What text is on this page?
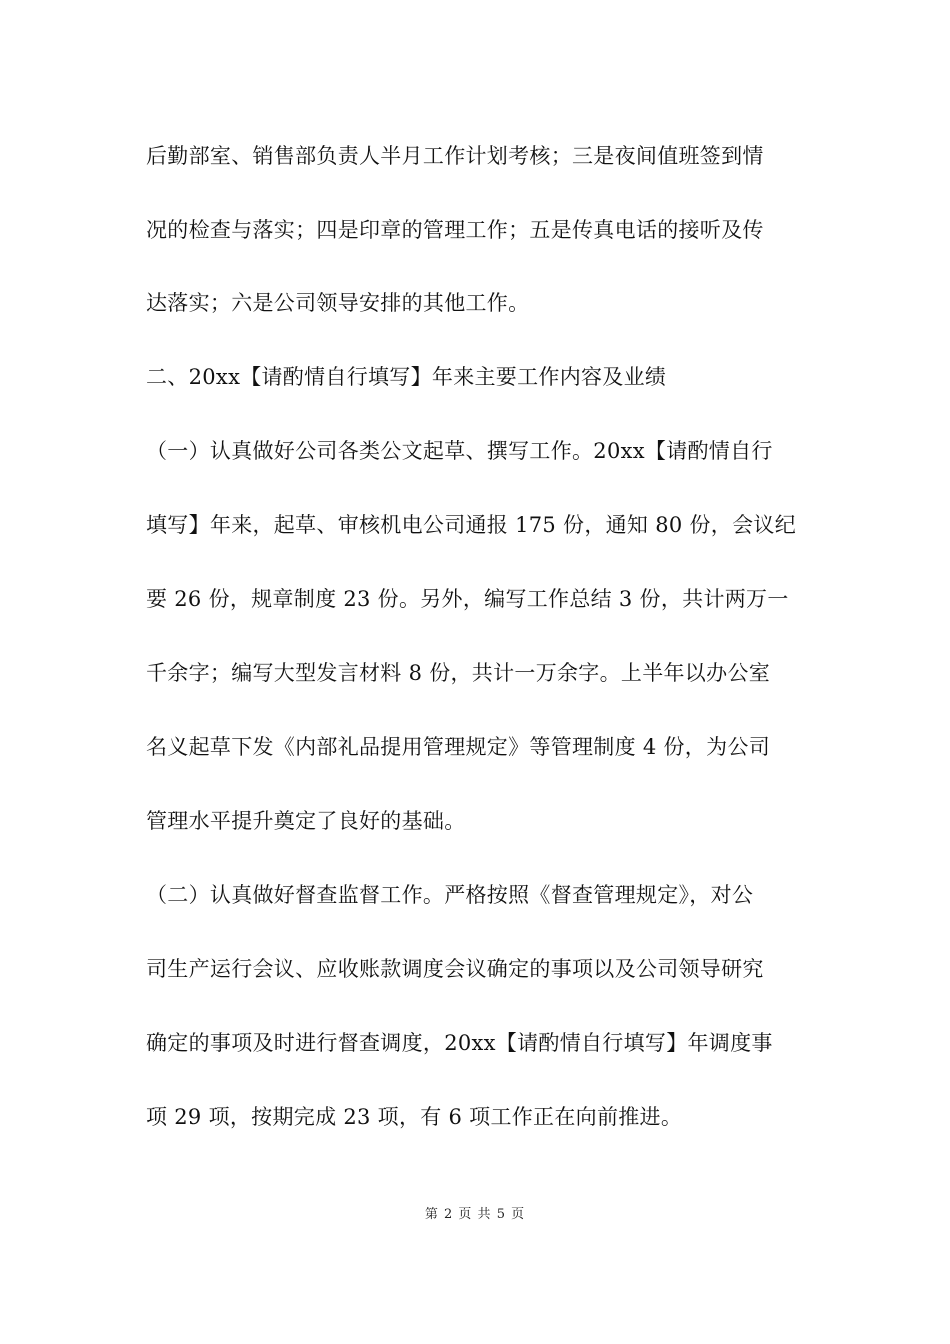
后勤部室、销售部负责人半月工作计划考核；三是夜间值班签到情
况的检查与落实；四是印章的管理工作；五是传真电话的接听及传
达落实；六是公司领导安排的其他工作。
二、20xx【请酌情自行填写】年来主要工作内容及业绩
（一）认真做好公司各类公文起草、撰写工作。20xx【请酌情自行
填写】年来，起草、审核机电公司通报 175 份，通知 80 份，会议纪
要 26 份，规章制度 23 份。另外，编写工作总结 3 份，共计两万一
千余字；编写大型发言材料 8 份，共计一万余字。上半年以办公室
名义起草下发《内部礼品提用管理规定》等管理制度 4 份，为公司
管理水平提升奠定了良好的基础。
（二）认真做好督查监督工作。严格按照《督查管理规定》，对公
司生产运行会议、应收账款调度会议确定的事项以及公司领导研究
确定的事项及时进行督查调度，20xx【请酌情自行填写】年调度事
项 29 项，按期完成 23 项，有 6 项工作正在向前推进。
第 2 页 共 5 页
